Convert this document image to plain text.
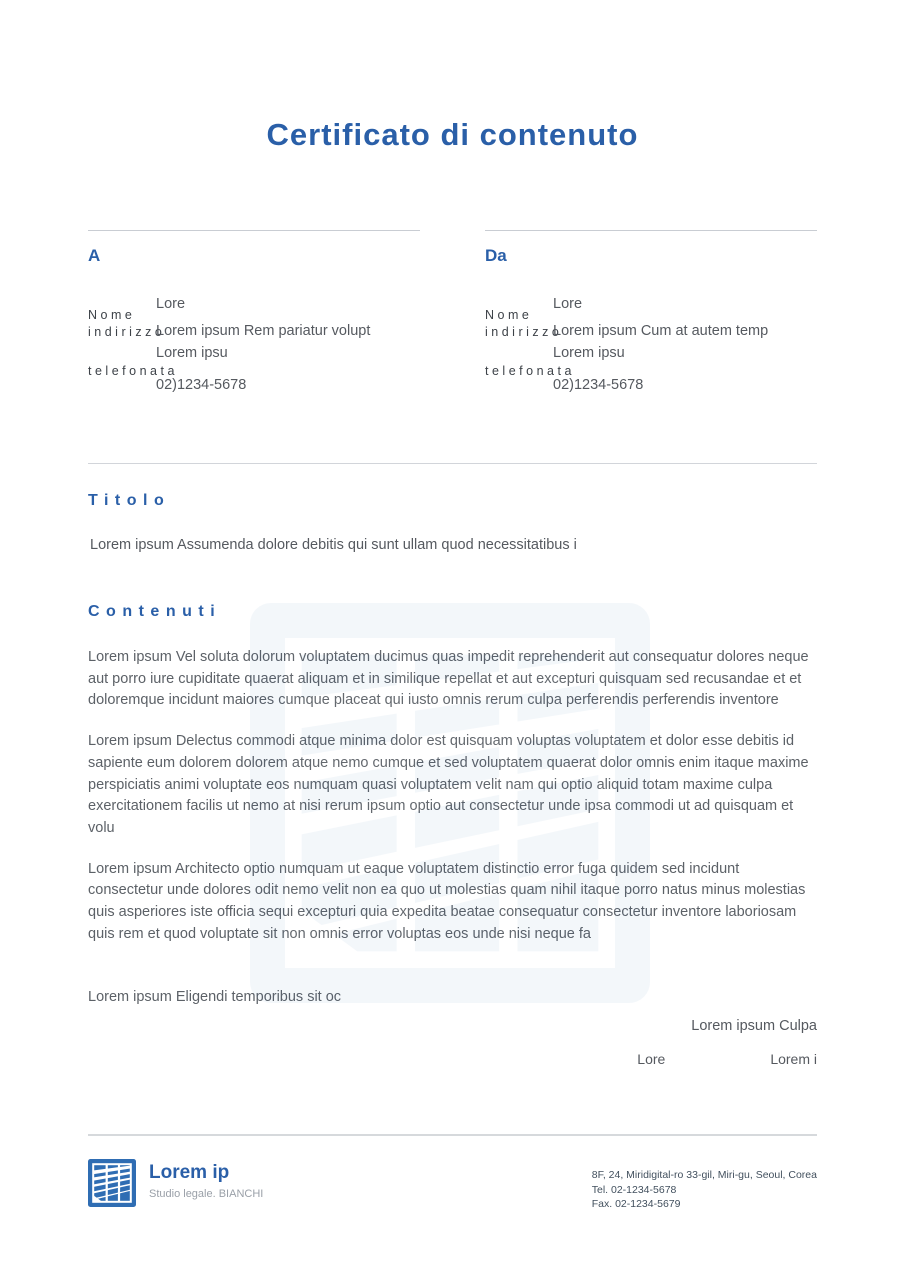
Certificato di contenuto
A
Lore
Nome
indirizzo
Lorem ipsum Rem pariatur volupt
Lorem ipsu
telefonata
02)1234-5678
Da
Lore
Nome
indirizzo
Lorem ipsum Cum at autem temp
Lorem ipsu
telefonata
02)1234-5678
Titolo

Lorem ipsum Assumenda dolore debitis qui sunt ullam quod necessitatibus i

Contenuti

Lorem ipsum Vel soluta dolorum voluptatem ducimus quas impedit reprehenderit aut consequatur dolores neque aut porro iure cupiditate quaerat aliquam et in similique repellat et aut excepturi quisquam sed recusandae et et doloremque incidunt maiores cumque placeat qui iusto omnis rerum culpa perferendis perferendis inventore

Lorem ipsum Delectus commodi atque minima dolor est quisquam voluptas voluptatem et dolor esse debitis id sapiente eum dolorem dolorem atque nemo cumque et sed voluptatem quaerat dolor omnis enim itaque maxime perspiciatis animi voluptate eos numquam quasi voluptatem velit nam qui optio aliquid totam maxime culpa exercitationem facilis ut nemo at nisi rerum ipsum optio aut consectetur unde ipsa commodi ut ad quisquam et volu

Lorem ipsum Architecto optio numquam ut eaque voluptatem distinctio error fuga quidem sed incidunt consectetur unde dolores odit nemo velit non ea quo ut molestias quam nihil itaque porro natus minus molestias quis asperiores iste officia sequi excepturi quia expedita beatae consequatur consectetur inventore laboriosam quis rem et quod voluptate sit non omnis error voluptas eos unde nisi neque fa

Lorem ipsum Eligendi temporibus sit oc

Lorem ipsum Culpa
Lore	Lorem i
Lorem ip
Studio legale. BIANCHI
8F, 24, Miridigital-ro 33-gil, Miri-gu, Seoul, Corea
Tel. 02-1234-5678
Fax. 02-1234-5679
